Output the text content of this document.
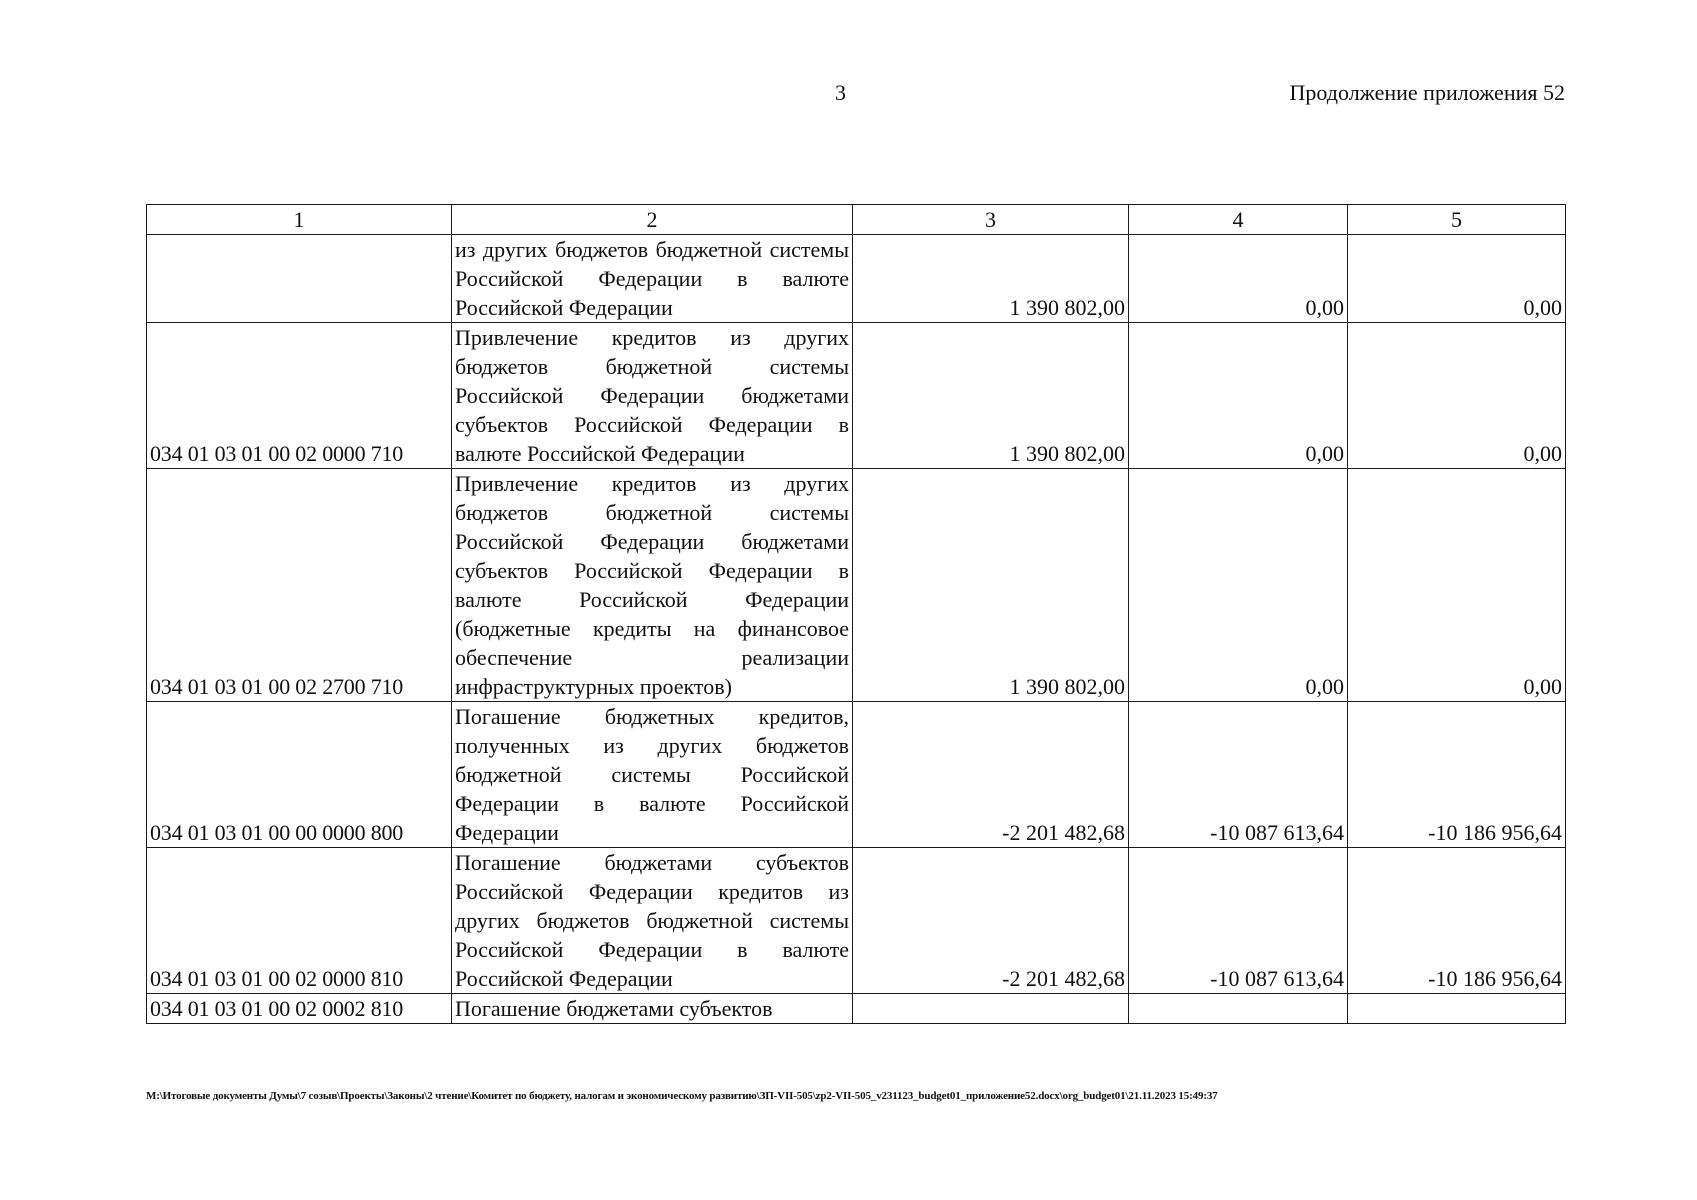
3	Продолжение приложения 52
1	2	3	4	5
	из других бюджетов бюджетной системы Российской Федерации в валюте Российской Федерации	1 390 802,00	0,00	0,00
034 01 03 01 00 02 0000 710	Привлечение кредитов из других бюджетов бюджетной системы Российской Федерации бюджетами субъектов Российской Федерации в валюте Российской Федерации	1 390 802,00	0,00	0,00
034 01 03 01 00 02 2700 710	Привлечение кредитов из других бюджетов бюджетной системы Российской Федерации бюджетами субъектов Российской Федерации в валюте Российской Федерации (бюджетные кредиты на финансовое обеспечение реализации инфраструктурных проектов)	1 390 802,00	0,00	0,00
034 01 03 01 00 00 0000 800	Погашение бюджетных кредитов, полученных из других бюджетов бюджетной системы Российской Федерации в валюте Российской Федерации	-2 201 482,68	-10 087 613,64	-10 186 956,64
034 01 03 01 00 02 0000 810	Погашение бюджетами субъектов Российской Федерации кредитов из других бюджетов бюджетной системы Российской Федерации в валюте Российской Федерации	-2 201 482,68	-10 087 613,64	-10 186 956,64
034 01 03 01 00 02 0002 810	Погашение бюджетами субъектов			
M:\Итоговые документы Думы\7 созыв\Проекты\Законы\2 чтение\Комитет по бюджету, налогам и экономическому развитию\ЗП-VII-505\zp2-VII-505_v231123_budget01_приложение52.docx\org_budget01\21.11.2023 15:49:37
